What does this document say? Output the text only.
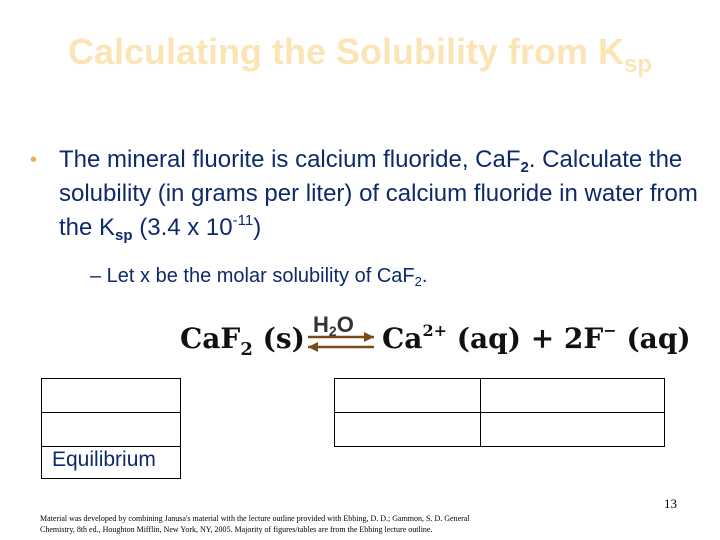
Calculating the Solubility from $K_{sp}$
• The mineral fluorite is calcium fluoride, CaF$_2$. Calculate the solubility (in grams per liter) of calcium fluoride in water from the $K_{sp}$ (3.4 x $10^{-11}$)
– Let x be the molar solubility of CaF$_2$.
$H_2O$
CaF$_2$ (s)	$Ca^{2+}$ (aq) + 2F− (aq)
Equilibrium
13
Material was developed by combining Janusa's material with the lecture outline provided with Ebbing, D. D.; Gammon, S. D. General Chemistry, 8th ed., Houghton Mifflin, New York, NY, 2005. Majority of figures/tables are from the Ebbing lecture outline.
